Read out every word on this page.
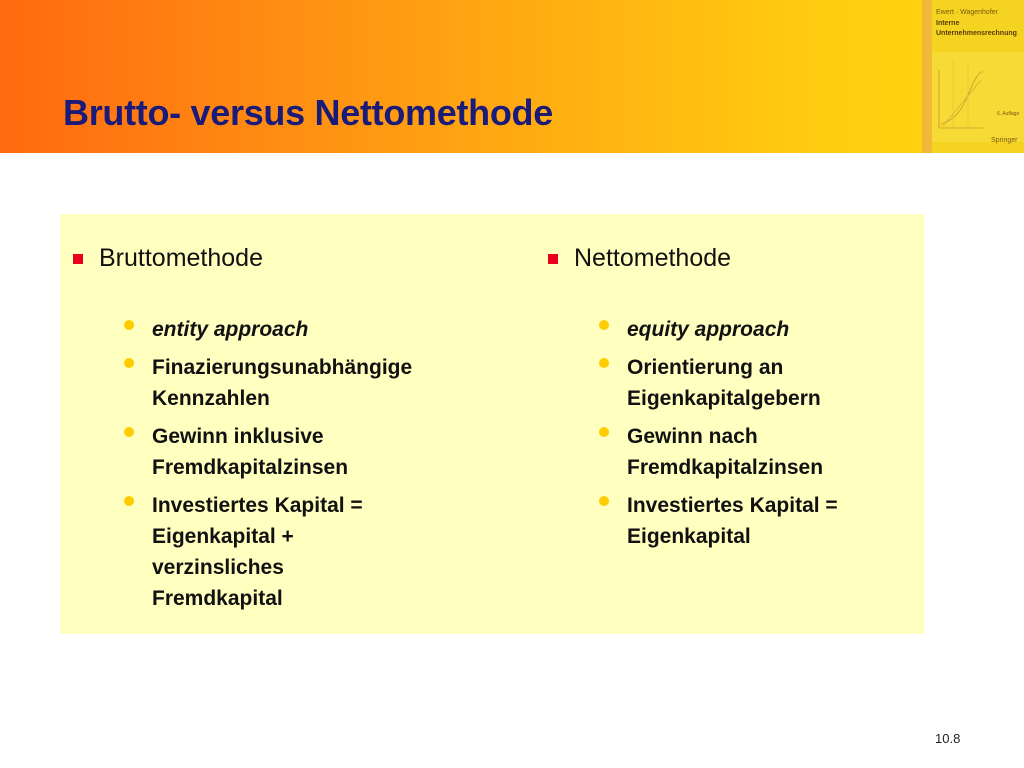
Brutto- versus Nettomethode
Ewert · Wagenhofer
Interne
Unternehmensrechnung
6. Auflage
Springer
Bruttomethode
entity approach
Finazierungsunabhängige
Kennzahlen
Gewinn inklusive
Fremdkapitalzinsen
Investiertes Kapital =
Eigenkapital +
verzinsliches
Fremdkapital
Nettomethode
equity approach
Orientierung an
Eigenkapitalgebern
Gewinn nach
Fremdkapitalzinsen
Investiertes Kapital =
Eigenkapital
10.8
